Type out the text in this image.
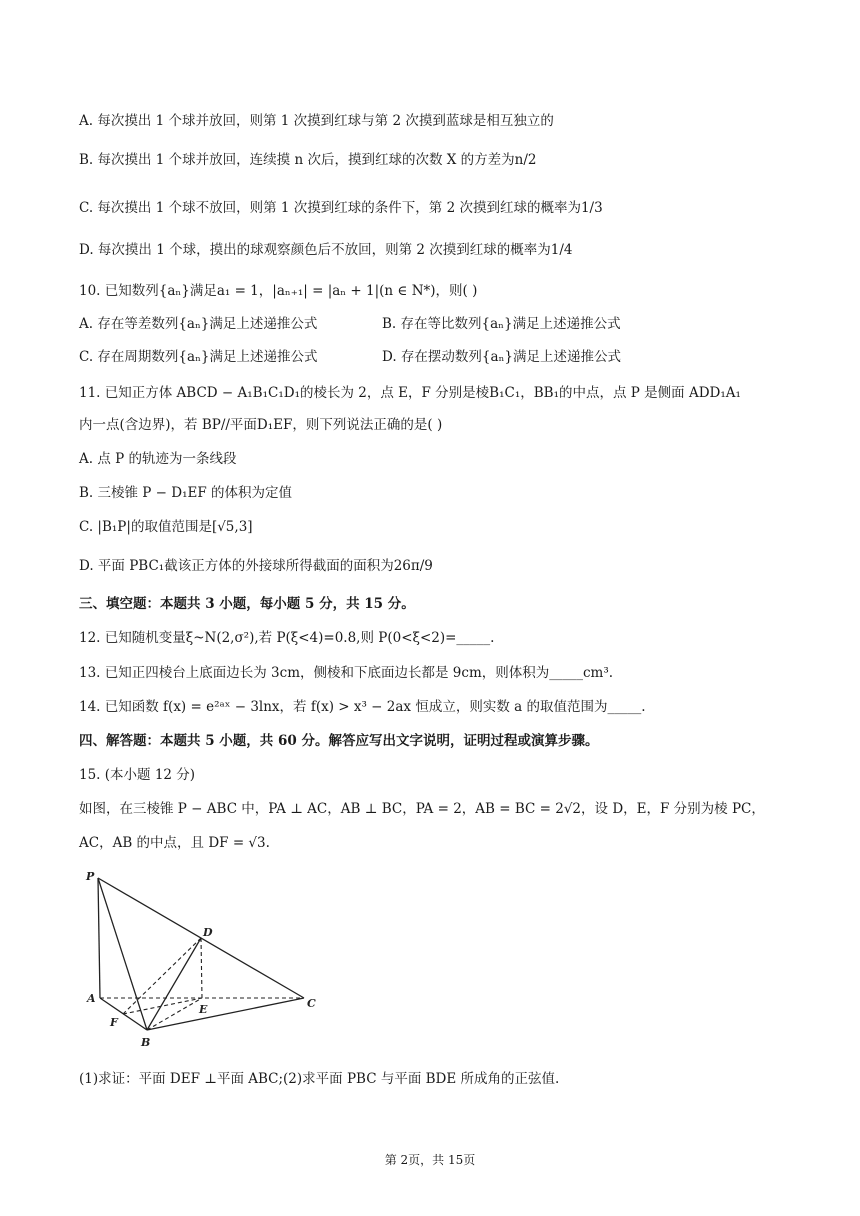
A. 每次摸出 1 个球并放回，则第 1 次摸到红球与第 2 次摸到蓝球是相互独立的
B. 每次摸出 1 个球并放回，连续摸 n 次后，摸到红球的次数 X 的方差为n/2
C. 每次摸出 1 个球不放回，则第 1 次摸到红球的条件下，第 2 次摸到红球的概率为1/3
D. 每次摸出 1 个球，摸出的球观察颜色后不放回，则第 2 次摸到红球的概率为1/4
10. 已知数列{aₙ}满足a₁ = 1，|aₙ₊₁| = |aₙ + 1|(n ∈ N*)，则( )
A. 存在等差数列{aₙ}满足上述递推公式	B. 存在等比数列{aₙ}满足上述递推公式
C. 存在周期数列{aₙ}满足上述递推公式	D. 存在摆动数列{aₙ}满足上述递推公式
11. 已知正方体 ABCD − A₁B₁C₁D₁的棱长为 2，点 E，F 分别是棱B₁C₁，BB₁的中点，点 P 是侧面 ADD₁A₁
内一点(含边界)，若 BP//平面D₁EF，则下列说法正确的是( )
A. 点 P 的轨迹为一条线段
B. 三棱锥 P − D₁EF 的体积为定值
C. |B₁P|的取值范围是[√5,3]
D. 平面 PBC₁截该正方体的外接球所得截面的面积为26π/9
三、填空题：本题共 3 小题，每小题 5 分，共 15 分。
12. 已知随机变量ξ~N(2,σ²),若 P(ξ<4)=0.8,则 P(0<ξ<2)=_____.
13. 已知正四棱台上底面边长为 3cm，侧棱和下底面边长都是 9cm，则体积为_____cm³.
14. 已知函数 f(x) = e²ᵃˣ − 3lnx，若 f(x) > x³ − 2ax 恒成立，则实数 a 的取值范围为_____.
四、解答题：本题共 5 小题，共 60 分。解答应写出文字说明，证明过程或演算步骤。
15. (本小题 12 分)
如图，在三棱锥 P − ABC 中，PA ⊥ AC，AB ⊥ BC，PA = 2，AB = BC = 2√2，设 D，E，F 分别为棱 PC，
AC，AB 的中点，且 DF = √3.
P
A
B
C
D
E
F
(1)求证：平面 DEF ⊥平面 ABC;(2)求平面 PBC 与平面 BDE 所成角的正弦值.
第 2页，共 15页
